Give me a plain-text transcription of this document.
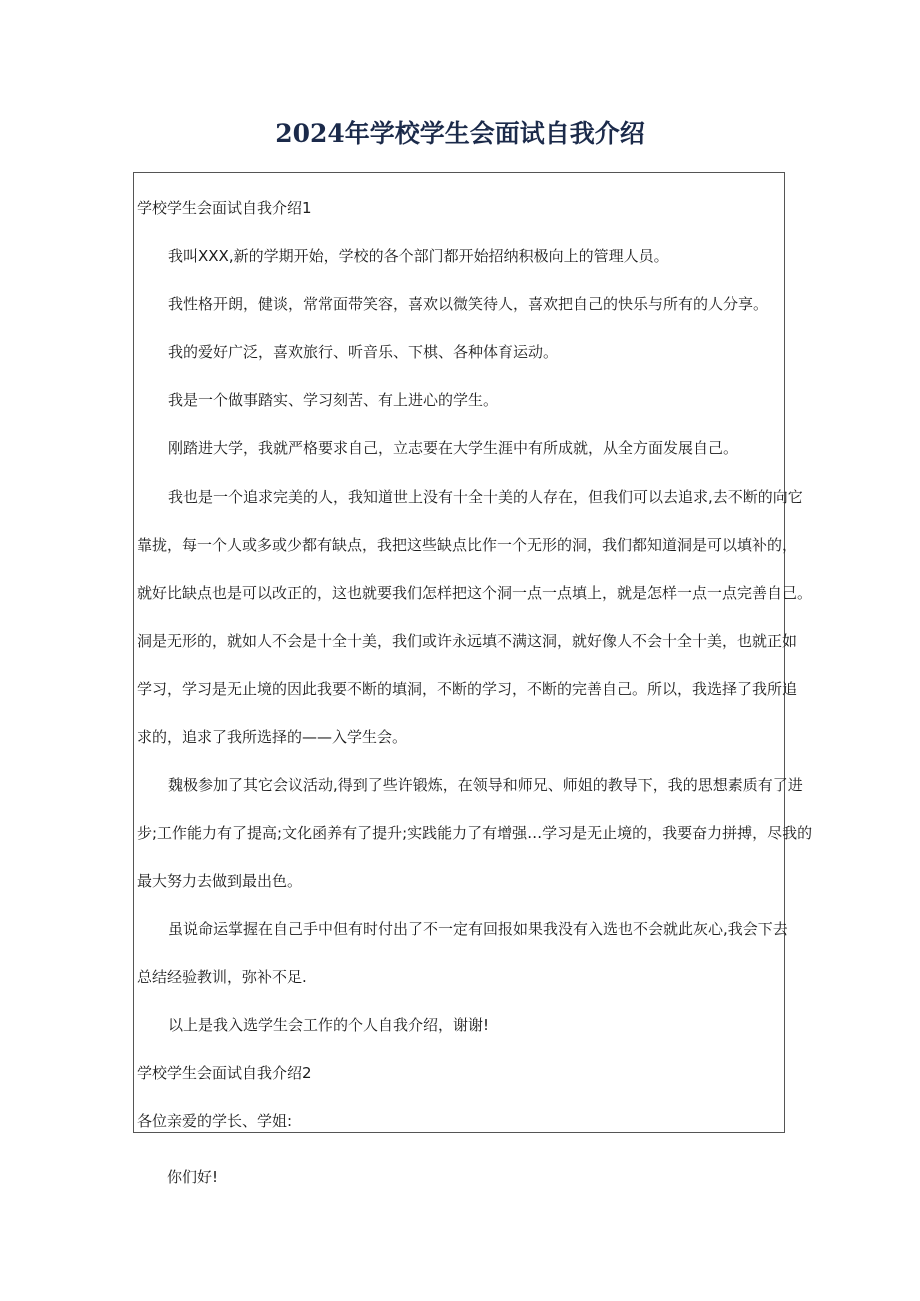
2024年学校学生会面试自我介绍
学校学生会面试自我介绍1
我叫XXX,新的学期开始，学校的各个部门都开始招纳积极向上的管理人员。
我性格开朗，健谈，常常面带笑容，喜欢以微笑待人，喜欢把自己的快乐与所有的人分享。
我的爱好广泛，喜欢旅行、听音乐、下棋、各种体育运动。
我是一个做事踏实、学习刻苦、有上进心的学生。
刚踏进大学，我就严格要求自己，立志要在大学生涯中有所成就，从全方面发展自己。
我也是一个追求完美的人，我知道世上没有十全十美的人存在，但我们可以去追求,去不断的向它
靠拢，每一个人或多或少都有缺点，我把这些缺点比作一个无形的洞，我们都知道洞是可以填补的，
就好比缺点也是可以改正的，这也就要我们怎样把这个洞一点一点填上，就是怎样一点一点完善自己。
洞是无形的，就如人不会是十全十美，我们或许永远填不满这洞，就好像人不会十全十美，也就正如
学习，学习是无止境的因此我要不断的填洞，不断的学习，不断的完善自己。所以，我选择了我所追
求的，追求了我所选择的——入学生会。
魏极参加了其它会议活动,得到了些许锻炼，在领导和师兄、师姐的教导下，我的思想素质有了进
步;工作能力有了提高;文化函养有了提升;实践能力了有增强…学习是无止境的，我要奋力拼搏，尽我的
最大努力去做到最出色。
虽说命运掌握在自己手中但有时付出了不一定有回报如果我没有入选也不会就此灰心,我会下去
总结经验教训，弥补不足.
以上是我入选学生会工作的个人自我介绍，谢谢!
学校学生会面试自我介绍2
各位亲爱的学长、学姐:
你们好!
